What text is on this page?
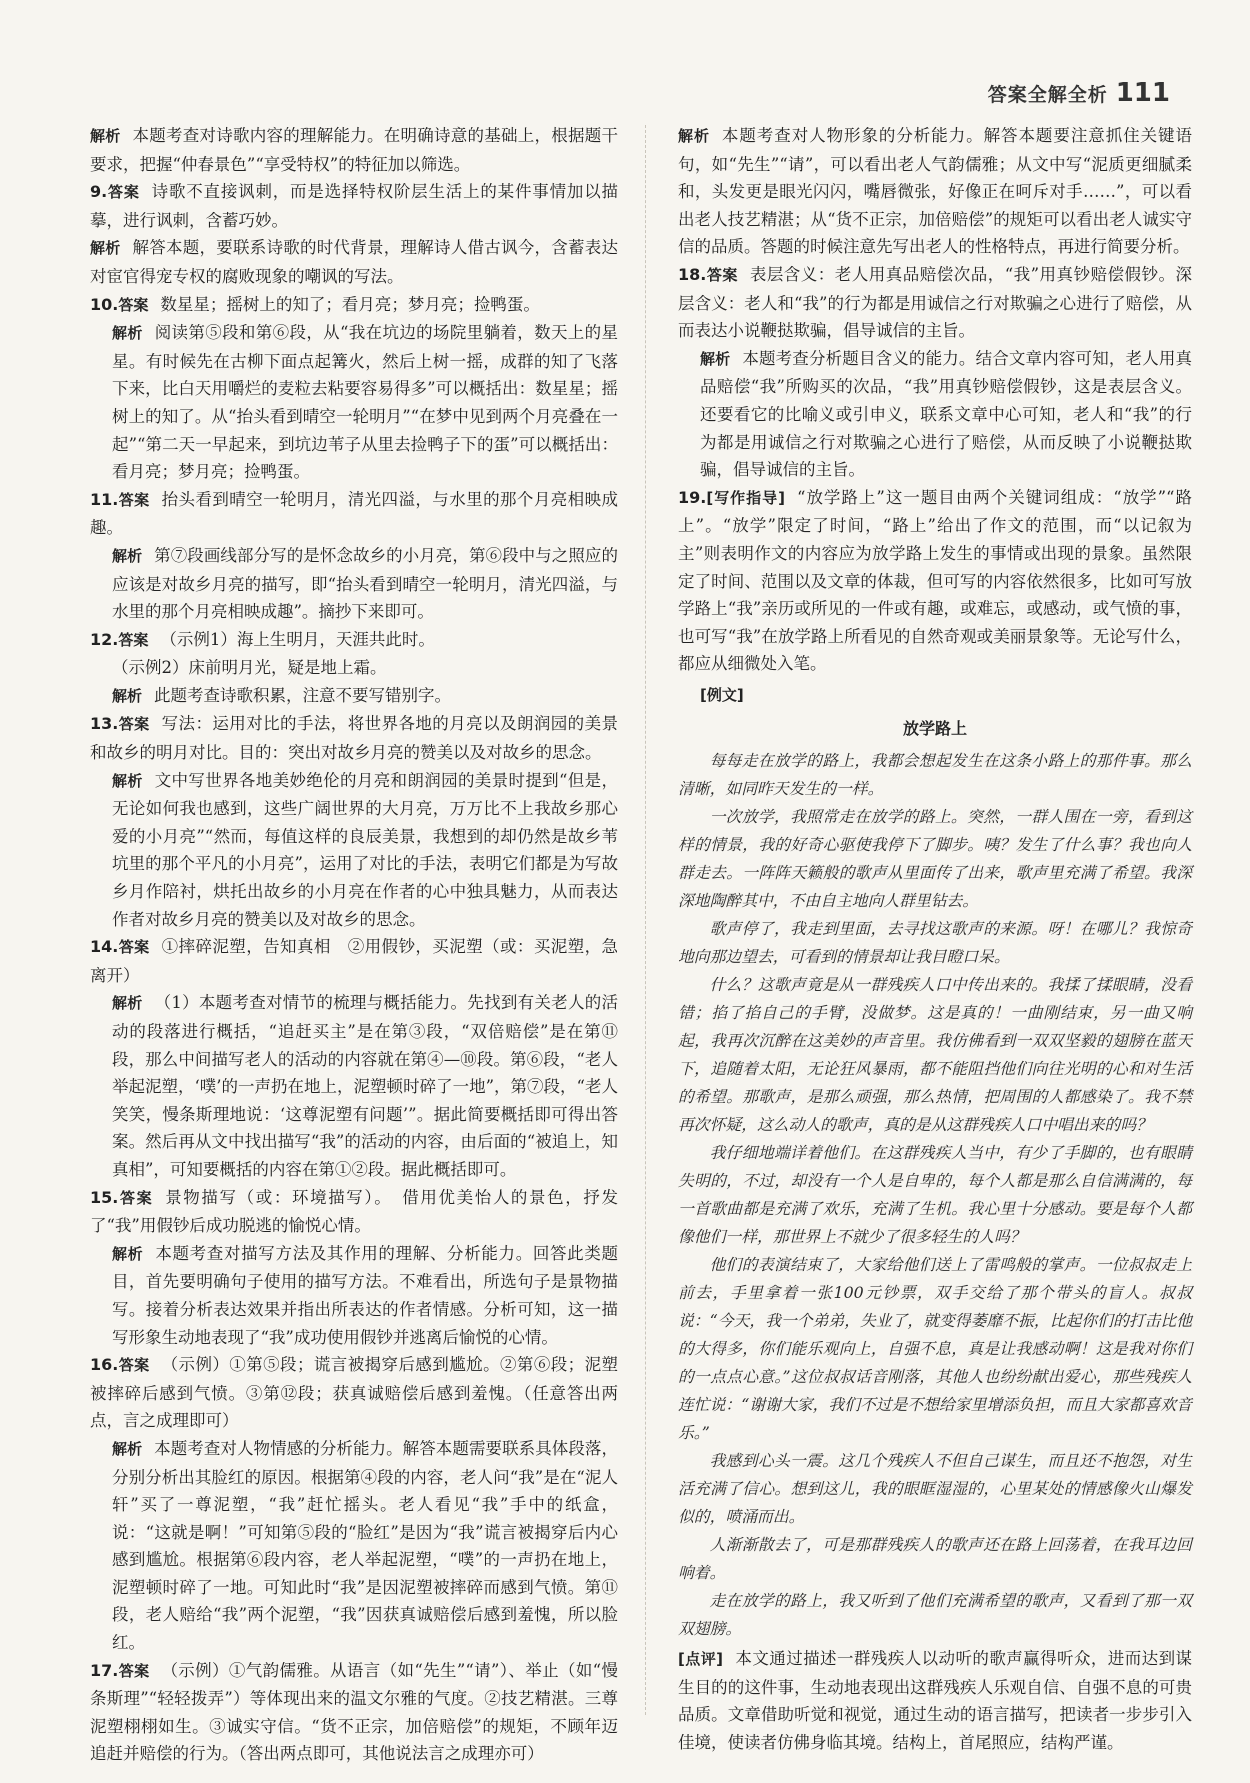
答案全解全析 111

解析 本题考查对诗歌内容的理解能力。在明确诗意的基础上，根据题干要求，把握“仲春景色”“享受特权”的特征加以筛选。

9.答案 诗歌不直接讽刺，而是选择特权阶层生活上的某件事情加以描摹，进行讽刺，含蓄巧妙。

解析 解答本题，要联系诗歌的时代背景，理解诗人借古讽今，含蓄表达对宦官得宠专权的腐败现象的嘲讽的写法。

10.答案 数星星；摇树上的知了；看月亮；梦月亮；捡鸭蛋。

解析 阅读第⑤段和第⑥段，从“我在坑边的场院里躺着，数天上的星星。有时候先在古柳下面点起篝火，然后上树一摇，成群的知了飞落下来，比白天用嚼烂的麦粒去粘要容易得多”可以概括出：数星星；摇树上的知了。从“抬头看到晴空一轮明月”“在梦中见到两个月亮叠在一起”“第二天一早起来，到坑边苇子从里去捡鸭子下的蛋”可以概括出：看月亮；梦月亮；捡鸭蛋。

11.答案 抬头看到晴空一轮明月，清光四溢，与水里的那个月亮相映成趣。

解析 第⑦段画线部分写的是怀念故乡的小月亮，第⑥段中与之照应的应该是对故乡月亮的描写，即“抬头看到晴空一轮明月，清光四溢，与水里的那个月亮相映成趣”。摘抄下来即可。

12.答案 （示例1）海上生明月，天涯共此时。

（示例2）床前明月光，疑是地上霜。

解析 此题考查诗歌积累，注意不要写错别字。

13.答案 写法：运用对比的手法，将世界各地的月亮以及朗润园的美景和故乡的明月对比。目的：突出对故乡月亮的赞美以及对故乡的思念。

解析 文中写世界各地美妙绝伦的月亮和朗润园的美景时提到“但是，无论如何我也感到，这些广阔世界的大月亮，万万比不上我故乡那心爱的小月亮”“然而，每值这样的良辰美景，我想到的却仍然是故乡苇坑里的那个平凡的小月亮”，运用了对比的手法，表明它们都是为写故乡月作陪衬，烘托出故乡的小月亮在作者的心中独具魅力，从而表达作者对故乡月亮的赞美以及对故乡的思念。

14.答案 ①摔碎泥塑，告知真相　②用假钞，买泥塑（或：买泥塑，急离开）

解析 （1）本题考查对情节的梳理与概括能力。先找到有关老人的活动的段落进行概括，“追赶买主”是在第③段，“双倍赔偿”是在第⑪段，那么中间描写老人的活动的内容就在第④—⑩段。第⑥段，“老人举起泥塑，‘噗’的一声扔在地上，泥塑顿时碎了一地”，第⑦段，“老人笑笑，慢条斯理地说：‘这尊泥塑有问题’”。据此简要概括即可得出答案。然后再从文中找出描写“我”的活动的内容，由后面的“被追上，知真相”，可知要概括的内容在第①②段。据此概括即可。

15.答案 景物描写（或：环境描写）。　借用优美怡人的景色，抒发了“我”用假钞后成功脱逃的愉悦心情。

解析 本题考查对描写方法及其作用的理解、分析能力。回答此类题目，首先要明确句子使用的描写方法。不难看出，所选句子是景物描写。接着分析表达效果并指出所表达的作者情感。分析可知，这一描写形象生动地表现了“我”成功使用假钞并逃离后愉悦的心情。

16.答案 （示例）①第⑤段；谎言被揭穿后感到尴尬。②第⑥段；泥塑被摔碎后感到气愤。③第⑫段；获真诚赔偿后感到羞愧。（任意答出两点，言之成理即可）

解析 本题考查对人物情感的分析能力。解答本题需要联系具体段落，分别分析出其脸红的原因。根据第④段的内容，老人问“我”是在“泥人轩”买了一尊泥塑，“我”赶忙摇头。老人看见“我”手中的纸盒，说：“这就是啊！”可知第⑤段的“脸红”是因为“我”谎言被揭穿后内心感到尴尬。根据第⑥段内容，老人举起泥塑，“噗”的一声扔在地上，泥塑顿时碎了一地。可知此时“我”是因泥塑被摔碎而感到气愤。第⑪段，老人赔给“我”两个泥塑，“我”因获真诚赔偿后感到羞愧，所以脸红。

17.答案 （示例）①气韵儒雅。从语言（如“先生”“请”）、举止（如“慢条斯理”“轻轻拨弄”）等体现出来的温文尔雅的气度。②技艺精湛。三尊泥塑栩栩如生。③诚实守信。“货不正宗，加倍赔偿”的规矩，不顾年迈追赶并赔偿的行为。（答出两点即可，其他说法言之成理亦可）

解析 本题考查对人物形象的分析能力。解答本题要注意抓住关键语句，如“先生”“请”，可以看出老人气韵儒雅；从文中写“泥质更细腻柔和，头发更是眼光闪闪，嘴唇微张，好像正在呵斥对手……”，可以看出老人技艺精湛；从“货不正宗，加倍赔偿”的规矩可以看出老人诚实守信的品质。答题的时候注意先写出老人的性格特点，再进行简要分析。

18.答案 表层含义：老人用真品赔偿次品，“我”用真钞赔偿假钞。深层含义：老人和“我”的行为都是用诚信之行对欺骗之心进行了赔偿，从而表达小说鞭挞欺骗，倡导诚信的主旨。

解析 本题考查分析题目含义的能力。结合文章内容可知，老人用真品赔偿“我”所购买的次品，“我”用真钞赔偿假钞，这是表层含义。还要看它的比喻义或引申义，联系文章中心可知，老人和“我”的行为都是用诚信之行对欺骗之心进行了赔偿，从而反映了小说鞭挞欺骗，倡导诚信的主旨。

19.[写作指导] “放学路上”这一题目由两个关键词组成：“放学”“路上”。“放学”限定了时间，“路上”给出了作文的范围，而“以记叙为主”则表明作文的内容应为放学路上发生的事情或出现的景象。虽然限定了时间、范围以及文章的体裁，但可写的内容依然很多，比如可写放学路上“我”亲历或所见的一件或有趣，或难忘，或感动，或气愤的事，也可写“我”在放学路上所看见的自然奇观或美丽景象等。无论写什么，都应从细微处入笔。

[例文]
放学路上

每每走在放学的路上，我都会想起发生在这条小路上的那件事。那么清晰，如同昨天发生的一样。

一次放学，我照常走在放学的路上。突然，一群人围在一旁，看到这样的情景，我的好奇心驱使我停下了脚步。咦？发生了什么事？我也向人群走去。一阵阵天籁般的歌声从里面传了出来，歌声里充满了希望。我深深地陶醉其中，不由自主地向人群里钻去。

歌声停了，我走到里面，去寻找这歌声的来源。呀！在哪儿？我惊奇地向那边望去，可看到的情景却让我目瞪口呆。

什么？这歌声竟是从一群残疾人口中传出来的。我揉了揉眼睛，没看错；掐了掐自己的手臂，没做梦。这是真的！一曲刚结束，另一曲又响起，我再次沉醉在这美妙的声音里。我仿佛看到一双双坚毅的翅膀在蓝天下，追随着太阳，无论狂风暴雨，都不能阻挡他们向往光明的心和对生活的希望。那歌声，是那么顽强，那么热情，把周围的人都感染了。我不禁再次怀疑，这么动人的歌声，真的是从这群残疾人口中唱出来的吗？

我仔细地端详着他们。在这群残疾人当中，有少了手脚的，也有眼睛失明的，不过，却没有一个人是自卑的，每个人都是那么自信满满的，每一首歌曲都是充满了欢乐，充满了生机。我心里十分感动。要是每个人都像他们一样，那世界上不就少了很多轻生的人吗？

他们的表演结束了，大家给他们送上了雷鸣般的掌声。一位叔叔走上前去，手里拿着一张100元钞票，双手交给了那个带头的盲人。叔叔说：“今天，我一个弟弟，失业了，就变得萎靡不振，比起你们的打击比他的大得多，你们能乐观向上，自强不息，真是让我感动啊！这是我对你们的一点点心意。”这位叔叔话音刚落，其他人也纷纷献出爱心，那些残疾人连忙说：“谢谢大家，我们不过是不想给家里增添负担，而且大家都喜欢音乐。”

我感到心头一震。这几个残疾人不但自己谋生，而且还不抱怨，对生活充满了信心。想到这儿，我的眼眶湿湿的，心里某处的情感像火山爆发似的，喷涌而出。

人渐渐散去了，可是那群残疾人的歌声还在路上回荡着，在我耳边回响着。

走在放学的路上，我又听到了他们充满希望的歌声，又看到了那一双双翅膀。

[点评] 本文通过描述一群残疾人以动听的歌声赢得听众，进而达到谋生目的的这件事，生动地表现出这群残疾人乐观自信、自强不息的可贵品质。文章借助听觉和视觉，通过生动的语言描写，把读者一步步引入佳境，使读者仿佛身临其境。结构上，首尾照应，结构严谨。
